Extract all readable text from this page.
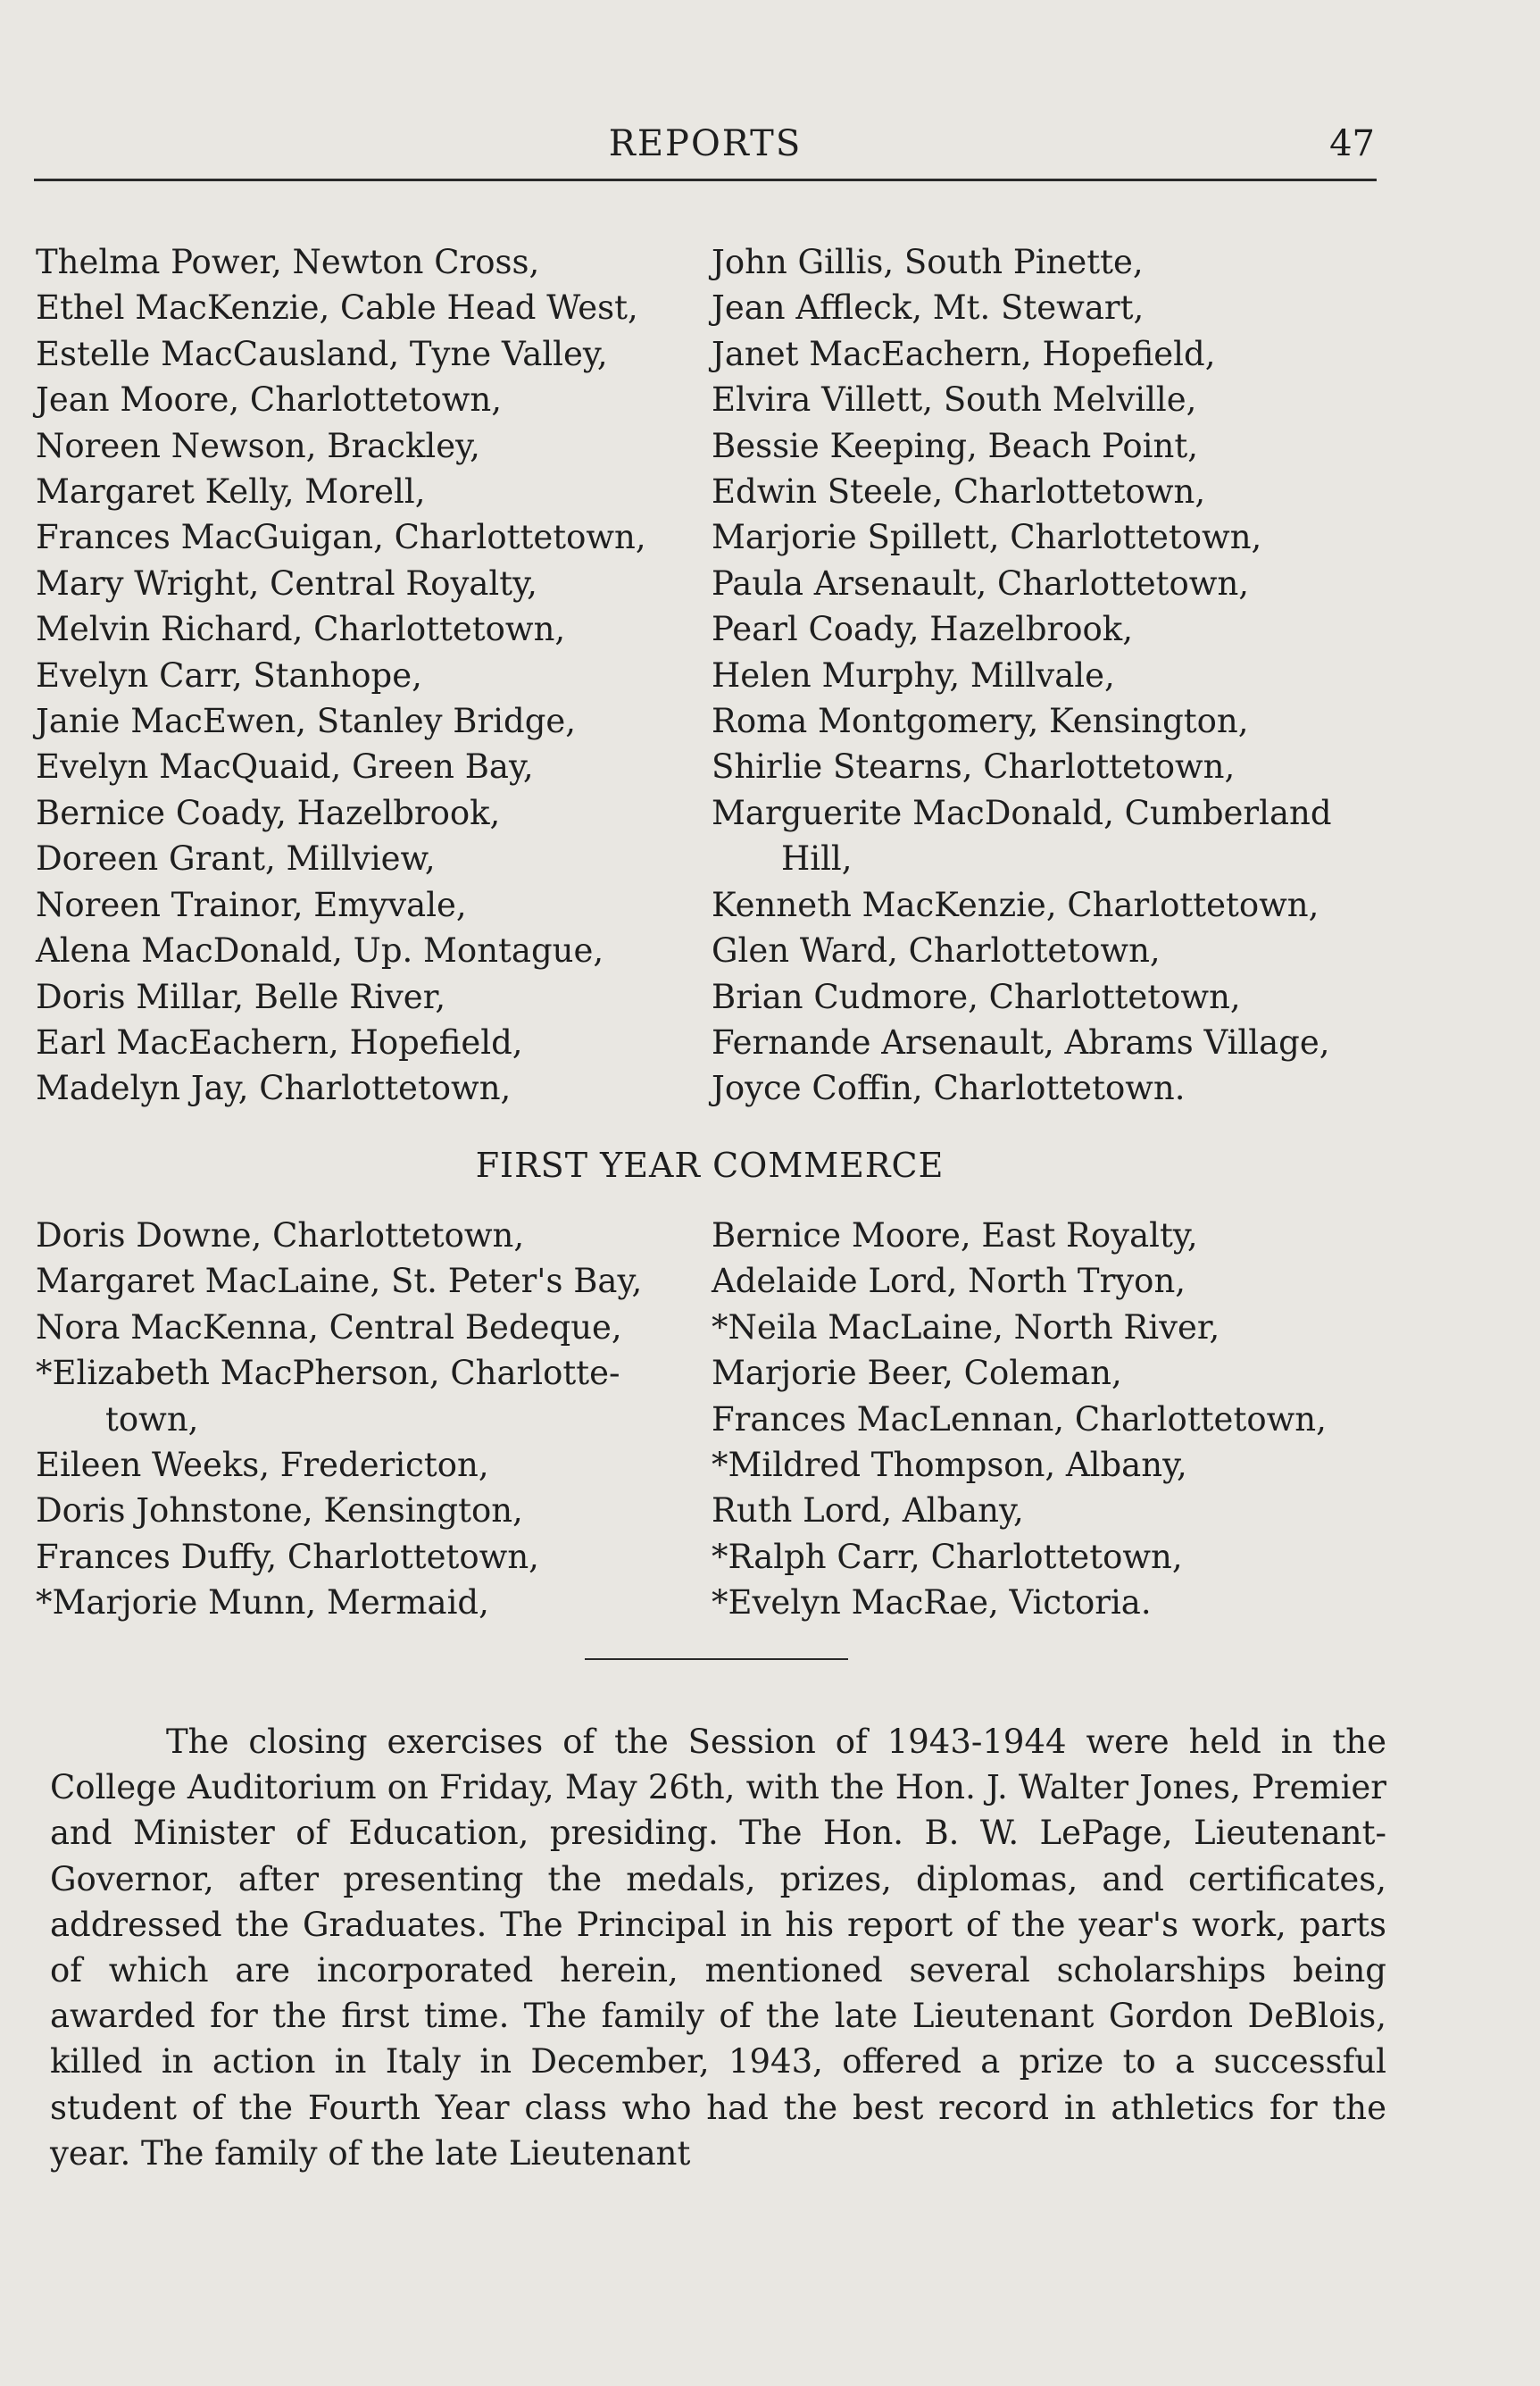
REPORTS	47
Thelma Power, Newton Cross,
Ethel MacKenzie, Cable Head West,
Estelle MacCausland, Tyne Valley,
Jean Moore, Charlottetown,
Noreen Newson, Brackley,
Margaret Kelly, Morell,
Frances MacGuigan, Charlottetown,
Mary Wright, Central Royalty,
Melvin Richard, Charlottetown,
Evelyn Carr, Stanhope,
Janie MacEwen, Stanley Bridge,
Evelyn MacQuaid, Green Bay,
Bernice Coady, Hazelbrook,
Doreen Grant, Millview,
Noreen Trainor, Emyvale,
Alena MacDonald, Up. Montague,
Doris Millar, Belle River,
Earl MacEachern, Hopefield,
Madelyn Jay, Charlottetown,
John Gillis, South Pinette,
Jean Affleck, Mt. Stewart,
Janet MacEachern, Hopefield,
Elvira Villett, South Melville,
Bessie Keeping, Beach Point,
Edwin Steele, Charlottetown,
Marjorie Spillett, Charlottetown,
Paula Arsenault, Charlottetown,
Pearl Coady, Hazelbrook,
Helen Murphy, Millvale,
Roma Montgomery, Kensington,
Shirlie Stearns, Charlottetown,
Marguerite MacDonald, Cumberland
Hill,
Kenneth MacKenzie, Charlottetown,
Glen Ward, Charlottetown,
Brian Cudmore, Charlottetown,
Fernande Arsenault, Abrams Village,
Joyce Coffin, Charlottetown.
FIRST YEAR COMMERCE
Doris Downe, Charlottetown,
Margaret MacLaine, St. Peter's Bay,
Nora MacKenna, Central Bedeque,
*Elizabeth MacPherson, Charlotte-
town,
Eileen Weeks, Fredericton,
Doris Johnstone, Kensington,
Frances Duffy, Charlottetown,
*Marjorie Munn, Mermaid,
Bernice Moore, East Royalty,
Adelaide Lord, North Tryon,
*Neila MacLaine, North River,
Marjorie Beer, Coleman,
Frances MacLennan, Charlottetown,
*Mildred Thompson, Albany,
Ruth Lord, Albany,
*Ralph Carr, Charlottetown,
*Evelyn MacRae, Victoria.

The closing exercises of the Session of 1943-1944 were held in the College Auditorium on Friday, May 26th, with the Hon. J. Walter Jones, Premier and Minister of Education, presiding. The Hon. B. W. LePage, Lieutenant-Governor, after presenting the medals, prizes, diplomas, and certificates, addressed the Graduates. The Principal in his report of the year's work, parts of which are incorporated herein, mentioned several scholarships being awarded for the first time. The family of the late Lieutenant Gordon DeBlois, killed in action in Italy in December, 1943, offered a prize to a successful student of the Fourth Year class who had the best record in athletics for the year. The family of the late Lieutenant
